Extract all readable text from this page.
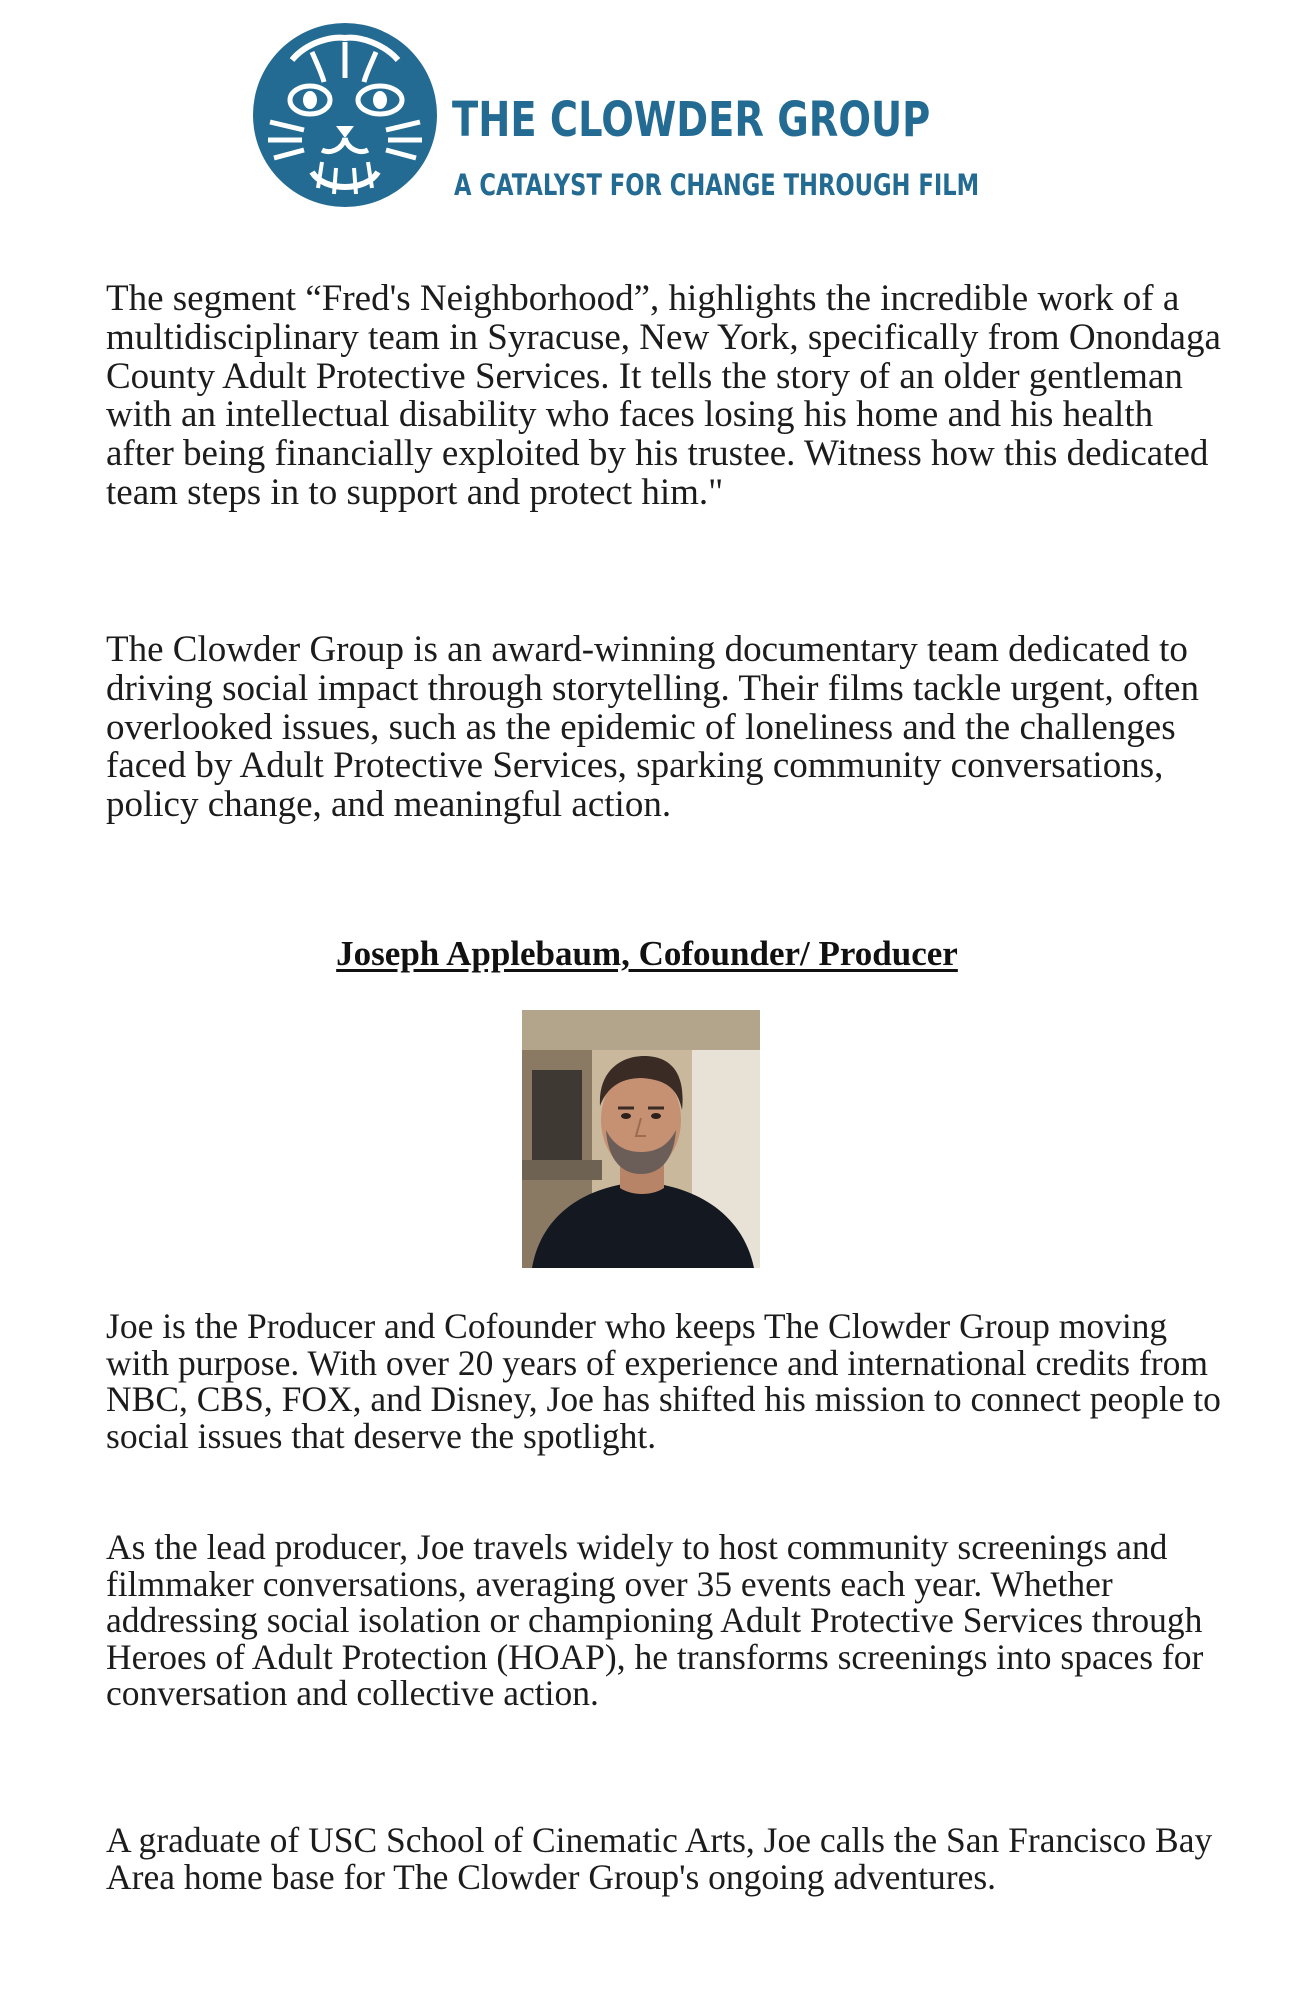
THE CLOWDER GROUP
A CATALYST FOR CHANGE THROUGH FILM

The segment “Fred's Neighborhood”, highlights the incredible work of a multidisciplinary team in Syracuse, New York, specifically from Onondaga County Adult Protective Services. It tells the story of an older gentleman with an intellectual disability who faces losing his home and his health after being financially exploited by his trustee. Witness how this dedicated team steps in to support and protect him."

The Clowder Group is an award-winning documentary team dedicated to driving social impact through storytelling. Their films tackle urgent, often overlooked issues, such as the epidemic of loneliness and the challenges faced by Adult Protective Services, sparking community conversations, policy change, and meaningful action.

Joseph Applebaum, Cofounder/ Producer

Joe is the Producer and Cofounder who keeps The Clowder Group moving with purpose. With over 20 years of experience and international credits from NBC, CBS, FOX, and Disney, Joe has shifted his mission to connect people to social issues that deserve the spotlight.

As the lead producer, Joe travels widely to host community screenings and filmmaker conversations, averaging over 35 events each year. Whether addressing social isolation or championing Adult Protective Services through Heroes of Adult Protection (HOAP), he transforms screenings into spaces for conversation and collective action.

A graduate of USC School of Cinematic Arts, Joe calls the San Francisco Bay Area home base for The Clowder Group's ongoing adventures.
